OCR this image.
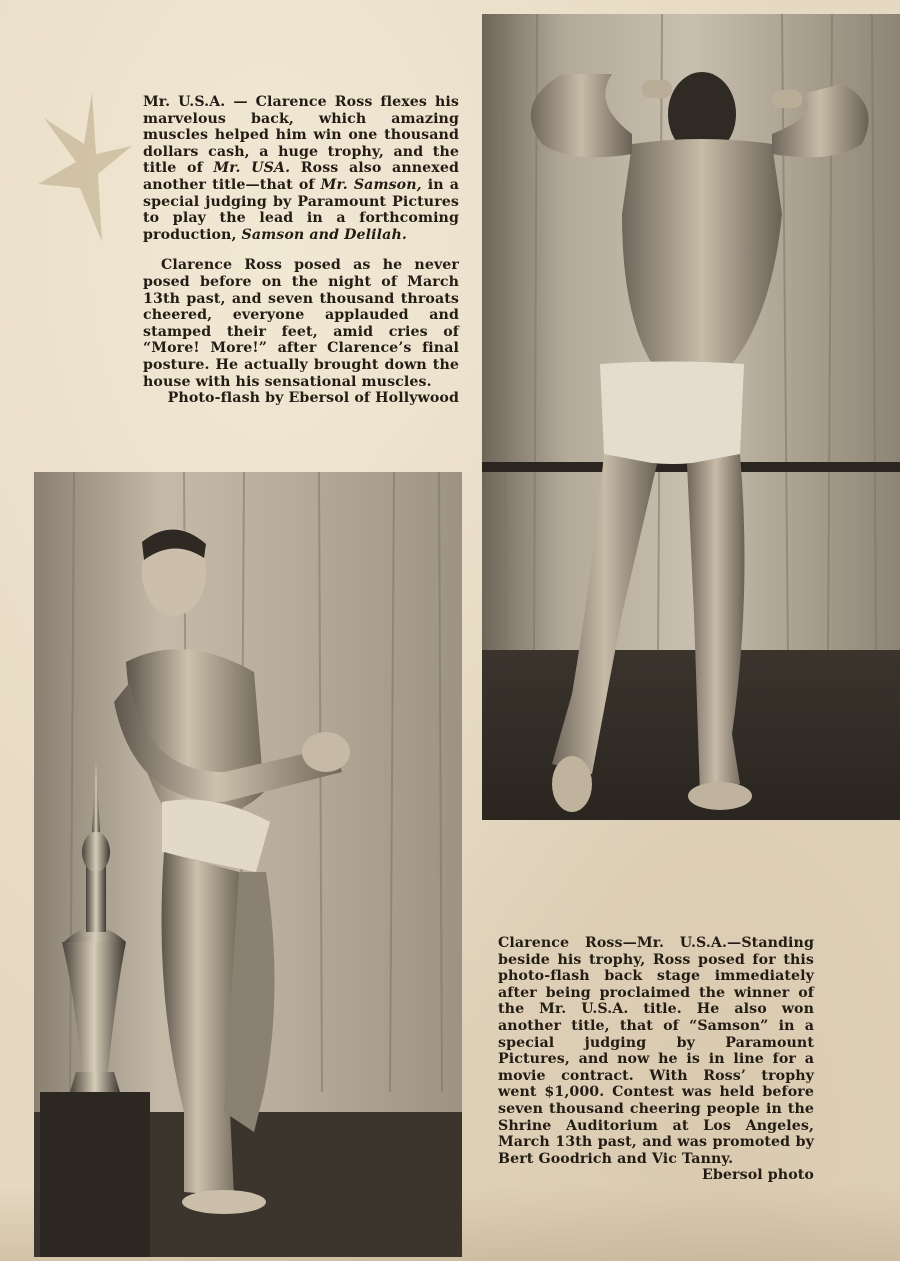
Mr. U.S.A. — Clarence Ross flexes his marvelous back, which amazing muscles helped him win one thousand dollars cash, a huge trophy, and the title of Mr. USA. Ross also annexed another title—that of Mr. Samson, in a special judging by Paramount Pictures to play the lead in a forthcoming production, Samson and Delilah.

Clarence Ross posed as he never posed before on the night of March 13th past, and seven thousand throats cheered, everyone applauded and stamped their feet, amid cries of “More! More!” after Clarence’s final posture. He actually brought down the house with his sensational muscles.

Photo-flash by Ebersol of Hollywood
Clarence Ross—Mr. U.S.A.—Standing beside his trophy, Ross posed for this photo-flash back stage immediately after being proclaimed the winner of the Mr. U.S.A. title. He also won another title, that of “Samson” in a special judging by Paramount Pictures, and now he is in line for a movie contract. With Ross’ trophy went $1,000. Contest was held before seven thousand cheering people in the Shrine Auditorium at Los Angeles, March 13th past, and was promoted by Bert Goodrich and Vic Tanny.
Ebersol photo
